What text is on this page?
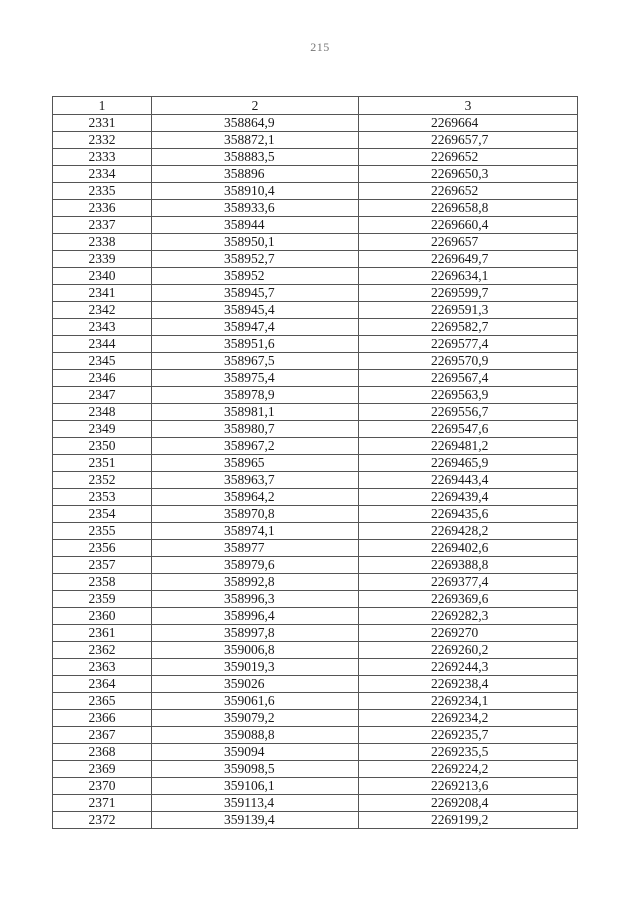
215
1	2	3
2331	358864,9	2269664
2332	358872,1	2269657,7
2333	358883,5	2269652
2334	358896	2269650,3
2335	358910,4	2269652
2336	358933,6	2269658,8
2337	358944	2269660,4
2338	358950,1	2269657
2339	358952,7	2269649,7
2340	358952	2269634,1
2341	358945,7	2269599,7
2342	358945,4	2269591,3
2343	358947,4	2269582,7
2344	358951,6	2269577,4
2345	358967,5	2269570,9
2346	358975,4	2269567,4
2347	358978,9	2269563,9
2348	358981,1	2269556,7
2349	358980,7	2269547,6
2350	358967,2	2269481,2
2351	358965	2269465,9
2352	358963,7	2269443,4
2353	358964,2	2269439,4
2354	358970,8	2269435,6
2355	358974,1	2269428,2
2356	358977	2269402,6
2357	358979,6	2269388,8
2358	358992,8	2269377,4
2359	358996,3	2269369,6
2360	358996,4	2269282,3
2361	358997,8	2269270
2362	359006,8	2269260,2
2363	359019,3	2269244,3
2364	359026	2269238,4
2365	359061,6	2269234,1
2366	359079,2	2269234,2
2367	359088,8	2269235,7
2368	359094	2269235,5
2369	359098,5	2269224,2
2370	359106,1	2269213,6
2371	359113,4	2269208,4
2372	359139,4	2269199,2
